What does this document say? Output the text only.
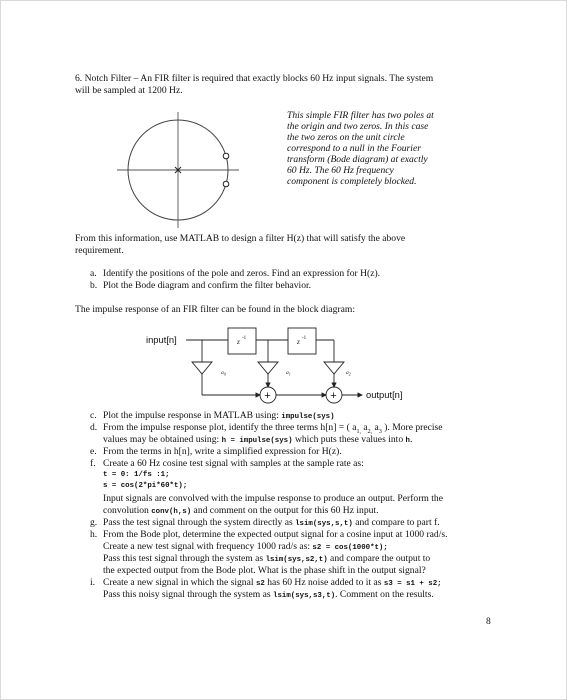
6. Notch Filter – An FIR filter is required that exactly blocks 60 Hz input signals. The system
will be sampled at 1200 Hz.
This simple FIR filter has two poles at
the origin and two zeros. In this case
the two zeros on the unit circle
correspond to a null in the Fourier
transform (Bode diagram) at exactly
60 Hz. The 60 Hz frequency
component is completely blocked.
From this information, use MATLAB to design a filter H(z) that will satisfy the above
requirement.
a. Identify the positions of the pole and zeros. Find an expression for H(z).
b. Plot the Bode diagram and confirm the filter behavior.
The impulse response of an FIR filter can be found in the block diagram:
input[n]	z -1	z -1
$a_0$	$a_1$	$a_2$
+	+	output[n]
c. Plot the impulse response in MATLAB using: impulse(sys)
d. From the impulse response plot, identify the three terms h[n] = ( $a_{1,}$ $a_{2,}$ $a_3$ ). More precise
values may be obtained using: h = impulse(sys) which puts these values into h.
e. From the terms in h[n], write a simplified expression for H(z).
f. Create a 60 Hz cosine test signal with samples at the sample rate as:
t = 0: 1/fs :1;
s = cos(2*pi*60*t);
Input signals are convolved with the impulse response to produce an output. Perform the
convolution conv(h,s) and comment on the output for this 60 Hz input.
g. Pass the test signal through the system directly as lsim(sys,s,t) and compare to part f.
h. From the Bode plot, determine the expected output signal for a cosine input at 1000 rad/s.
Create a new test signal with frequency 1000 rad/s as: s2 = cos(1000*t);
Pass this test signal through the system as lsim(sys,s2,t) and compare the output to
the expected output from the Bode plot. What is the phase shift in the output signal?
i. Create a new signal in which the signal s2 has 60 Hz noise added to it as s3 = s1 + s2;
Pass this noisy signal through the system as lsim(sys,s3,t). Comment on the results.
8
